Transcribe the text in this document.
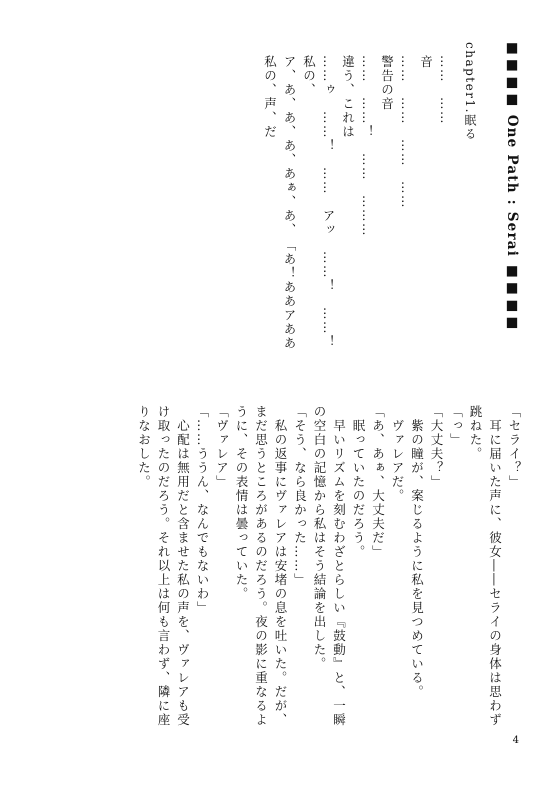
■■■■ One Path : Serai ■■■■
chapter1.眠る
……　……
音
……　……　……　……
警告の音
……　……！　……　………
違う、これは
……ゥ　……！　……　アッ　……！　……！
私の、
ア、あ、あ、あ、あぁ、あ、　「あ！ああアああ
私の、声、だ
「セライ？」
　耳に届いた声に、彼女――セライの身体は思わず
跳ねた。
「っ」
「大丈夫？」
　紫の瞳が、案じるように私を見つめている。
　ヴァレアだ。
「あ、あぁ、大丈夫だ」
　眠っていたのだろう。
　早いリズムを刻むわざとらしい『鼓動』と、一瞬
の空白の記憶から私はそう結論を出した。
「そう、なら良かった……」
　私の返事にヴァレアは安堵の息を吐いた。だが、
まだ思うところがあるのだろう。夜の影に重なるよ
うに、その表情は曇っていた。
「ヴァレア」
「……ううん、なんでもないわ」
　心配は無用だと含ませた私の声を、ヴァレアも受
け取ったのだろう。それ以上は何も言わず、隣に座
りなおした。
4
